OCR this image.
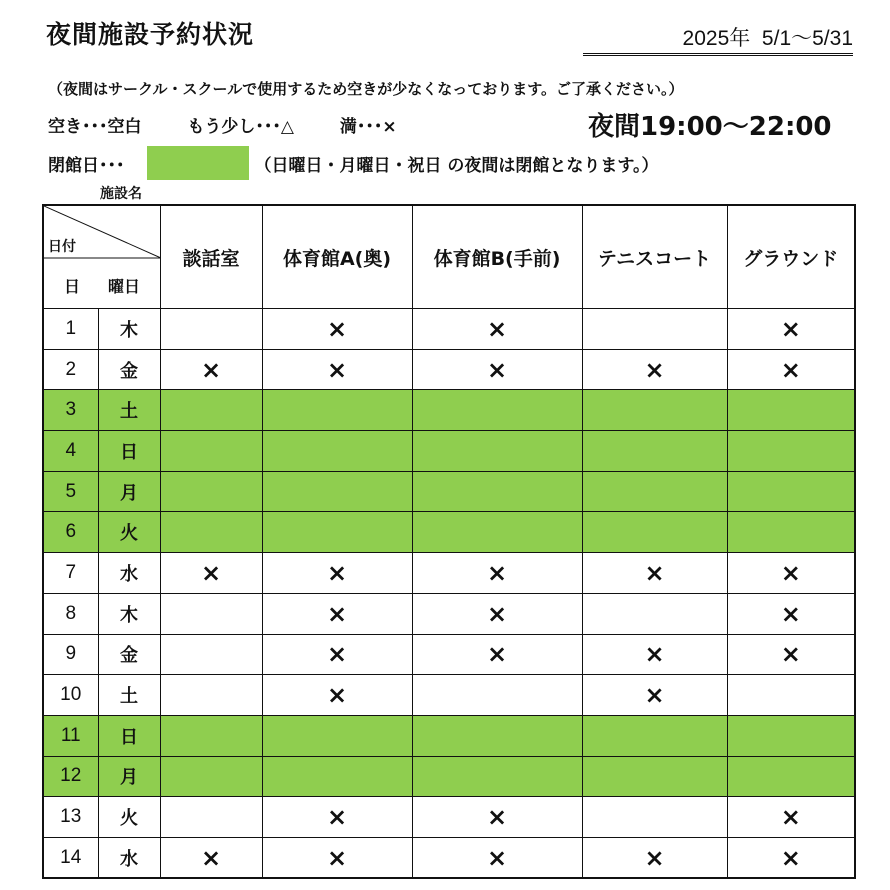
夜間施設予約状況	2025年  5/1～5/31
（夜間はサークル・スクールで使用するため空きが少なくなっております。ご了承ください。）
空き･･･空白	もう少し･･･△	満･･･×	夜間19:00～22:00
閉館日･･･	（日曜日・月曜日・祝日 の夜間は閉館となります。）
施設名
日付
日 曜日		談話室	体育館A(奥)	体育館B(手前)	テニスコート	グラウンド
1	木		×	×		×
2	金	×	×	×	×	×
3	土					
4	日					
5	月					
6	火					
7	水	×	×	×	×	×
8	木		×	×		×
9	金		×	×	×	×
10	土		×		×	
11	日					
12	月					
13	火		×	×		×
14	水	×	×	×	×	×
